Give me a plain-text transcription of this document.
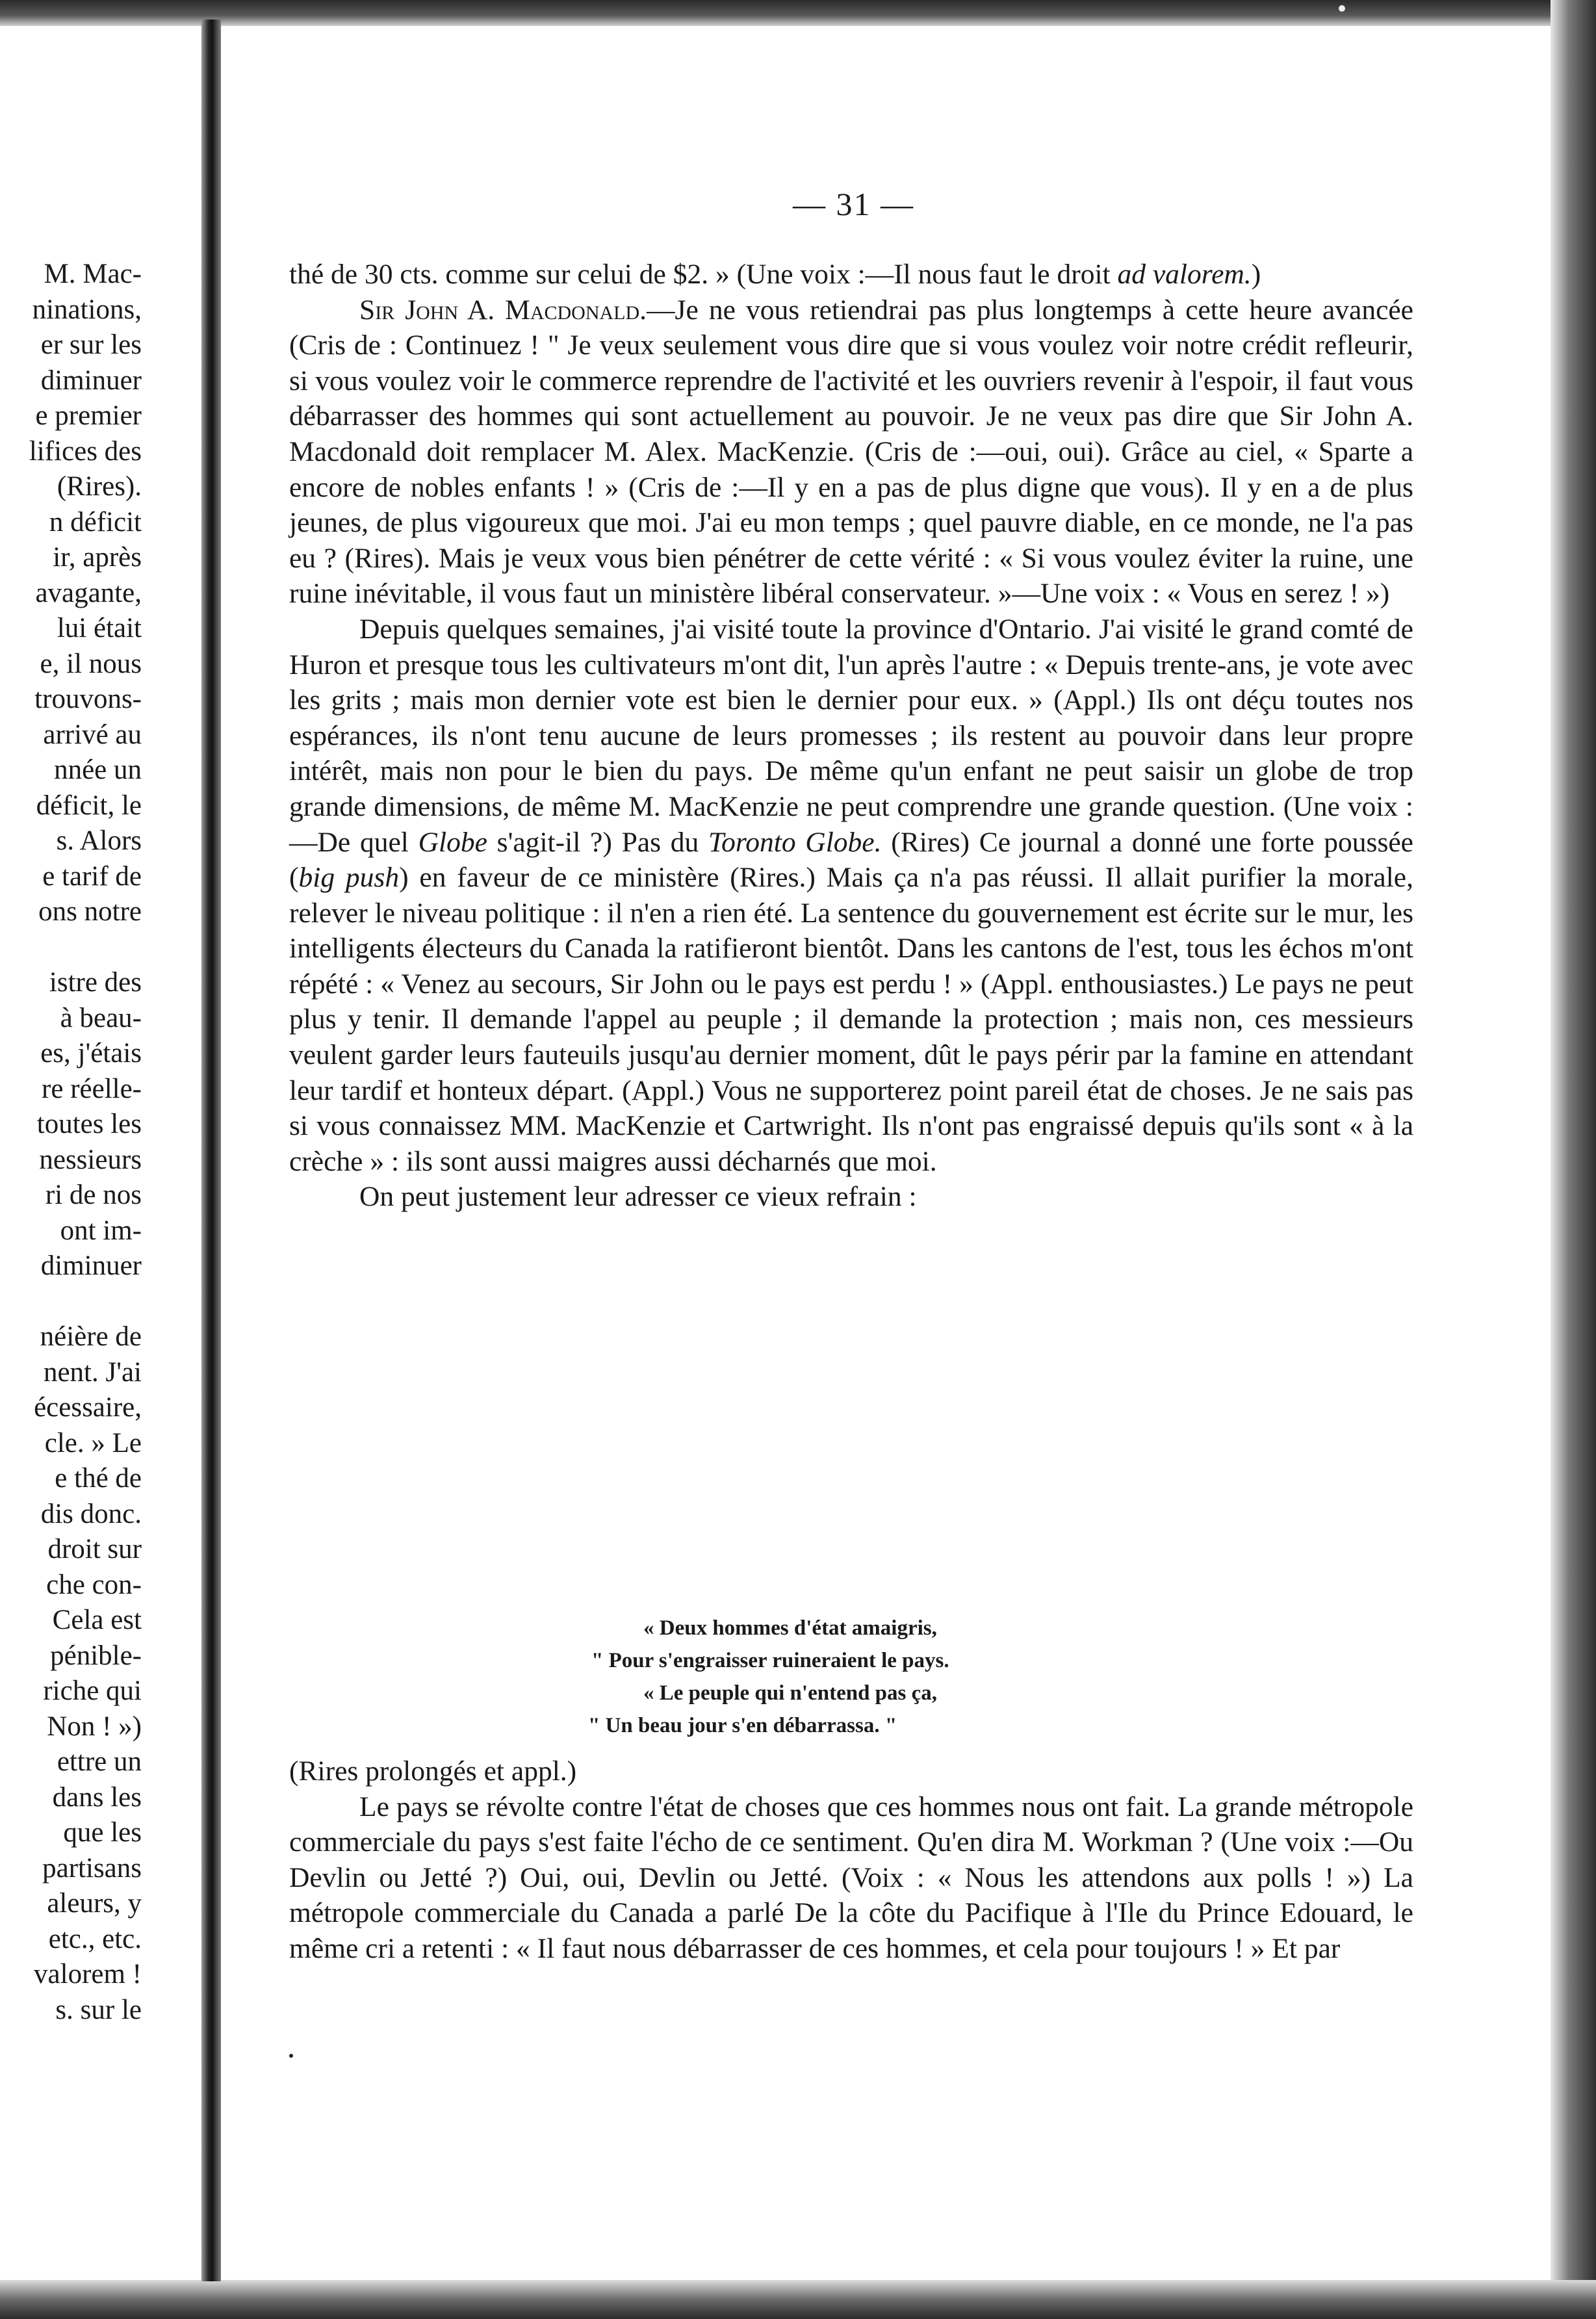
M. Mac-
ninations,
er sur les
diminuer
e premier
lifices des
(Rires).
n déficit
ir, après
avagante,
lui était
e, il nous
trouvons-
arrivé au
nnée un
déficit, le
s. Alors
e tarif de
ons notre
istre des
à beau-
es, j'étais
re réelle-
toutes les
nessieurs
ri de nos
ont im-
diminuer
néière de
nent. J'ai
écessaire,
cle. » Le
e thé de
dis donc.
droit sur
che con-
Cela est
pénible-
riche qui
Non ! »)
ettre un
dans les
que les
partisans
aleurs, y
etc., etc.
valorem !
s. sur le
— 31 —

thé de 30 cts. comme sur celui de $2. » (Une voix :—Il nous faut le droit ad valorem.)

Sir John A. Macdonald.—Je ne vous retiendrai pas plus longtemps à cette heure avancée (Cris de : Continuez ! " Je veux seulement vous dire que si vous voulez voir notre crédit refleurir, si vous voulez voir le commerce reprendre de l'activité et les ouvriers revenir à l'espoir, il faut vous débarrasser des hommes qui sont actuellement au pouvoir. Je ne veux pas dire que Sir John A. Macdonald doit remplacer M. Alex. MacKenzie. (Cris de :—oui, oui). Grâce au ciel, « Sparte a encore de nobles enfants ! » (Cris de :—Il y en a pas de plus digne que vous). Il y en a de plus jeunes, de plus vigoureux que moi. J'ai eu mon temps ; quel pauvre diable, en ce monde, ne l'a pas eu ? (Rires). Mais je veux vous bien pénétrer de cette vérité : « Si vous voulez éviter la ruine, une ruine inévitable, il vous faut un ministère libéral conservateur. »—Une voix : « Vous en serez ! »)

Depuis quelques semaines, j'ai visité toute la province d'Ontario. J'ai visité le grand comté de Huron et presque tous les cultivateurs m'ont dit, l'un après l'autre : « Depuis trente-ans, je vote avec les grits ; mais mon dernier vote est bien le dernier pour eux. » (Appl.) Ils ont déçu toutes nos espérances, ils n'ont tenu aucune de leurs promesses ; ils restent au pouvoir dans leur propre intérêt, mais non pour le bien du pays. De même qu'un enfant ne peut saisir un globe de trop grande dimensions, de même M. MacKenzie ne peut comprendre une grande question. (Une voix :—De quel Globe s'agit-il ?) Pas du Toronto Globe. (Rires) Ce journal a donné une forte poussée (big push) en faveur de ce ministère (Rires.) Mais ça n'a pas réussi. Il allait purifier la morale, relever le niveau politique : il n'en a rien été. La sentence du gouvernement est écrite sur le mur, les intelligents électeurs du Canada la ratifieront bientôt. Dans les cantons de l'est, tous les échos m'ont répété : « Venez au secours, Sir John ou le pays est perdu ! » (Appl. enthousiastes.) Le pays ne peut plus y tenir. Il demande l'appel au peuple ; il demande la protection ; mais non, ces messieurs veulent garder leurs fauteuils jusqu'au dernier moment, dût le pays périr par la famine en attendant leur tardif et honteux départ. (Appl.) Vous ne supporterez point pareil état de choses. Je ne sais pas si vous connaissez MM. MacKenzie et Cartwright. Ils n'ont pas engraissé depuis qu'ils sont « à la crèche » : ils sont aussi maigres aussi décharnés que moi.

On peut justement leur adresser ce vieux refrain :

« Deux hommes d'état amaigris,
" Pour s'engraisser ruineraient le pays.
« Le peuple qui n'entend pas ça,
" Un beau jour s'en débarrassa. "

(Rires prolongés et appl.)

Le pays se révolte contre l'état de choses que ces hommes nous ont fait. La grande métropole commerciale du pays s'est faite l'écho de ce sentiment. Qu'en dira M. Workman ? (Une voix :—Ou Devlin ou Jetté ?) Oui, oui, Devlin ou Jetté. (Voix : « Nous les attendons aux polls ! ») La métropole commerciale du Canada a parlé De la côte du Pacifique à l'Ile du Prince Edouard, le même cri a retenti : « Il faut nous débarrasser de ces hommes, et cela pour toujours ! » Et par
